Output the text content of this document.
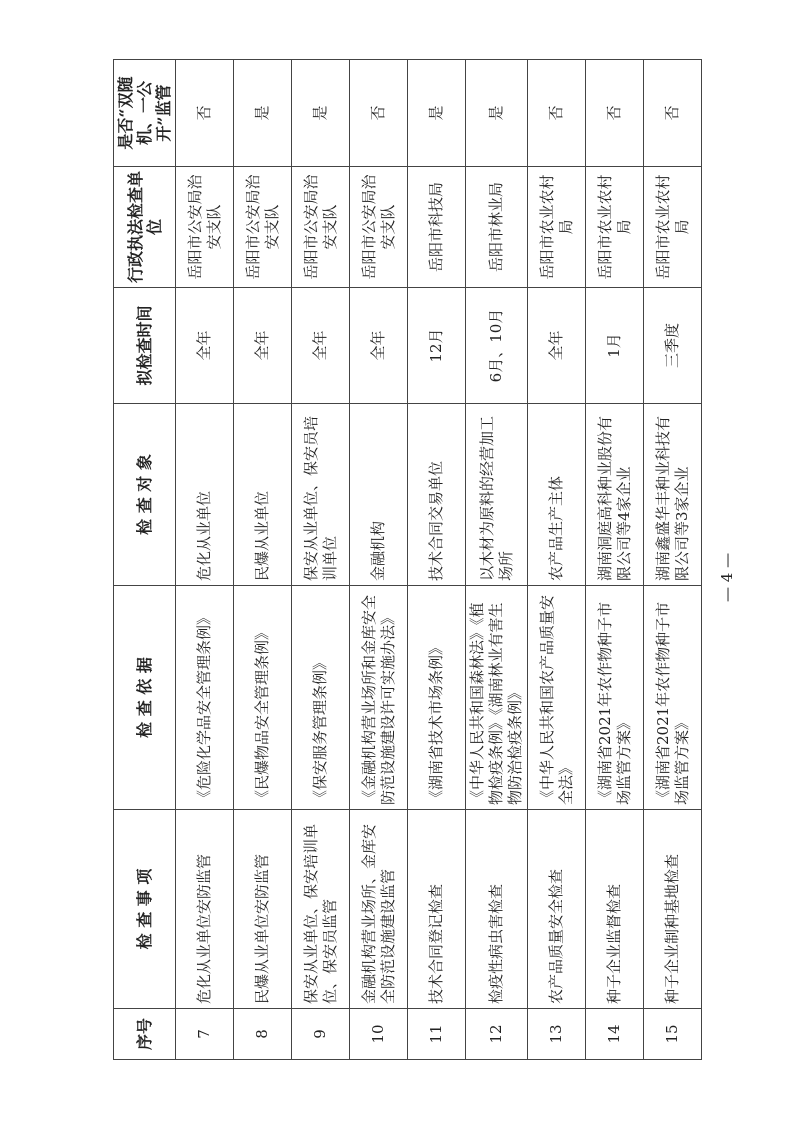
序号	检 查 事 项	检 查 依 据	检 查 对 象	拟检查时间	行政执法检查单位	是否“双随机、一公开”监管
7	危化从业单位安防监管	《危险化学品安全管理条例》	危化从业单位	全年	岳阳市公安局治安支队	否
8	民爆从业单位安防监管	《民爆物品安全管理条例》	民爆从业单位	全年	岳阳市公安局治安支队	是
9	保安从业单位、保安培训单位、保安员监管	《保安服务管理条例》	保安从业单位、保安员培训单位	全年	岳阳市公安局治安支队	是
10	金融机构营业场所、金库安全防范设施建设监管	《金融机构营业场所和金库安全防范设施建设许可实施办法》	金融机构	全年	岳阳市公安局治安支队	否
11	技术合同登记检查	《湖南省技术市场条例》	技术合同交易单位	12月	岳阳市科技局	是
12	检疫性病虫害检查	《中华人民共和国森林法》《植物检疫条例》《湖南林业有害生物防治检疫条例》	以木材为原料的经营加工场所	6月、10月	岳阳市林业局	是
13	农产品质量安全检查	《中华人民共和国农产品质量安全法》	农产品生产主体	全年	岳阳市农业农村局	否
14	种子企业监督检查	《湖南省2021年农作物种子市场监管方案》	湖南洞庭高科种业股份有限公司等4家企业	1月	岳阳市农业农村局	否
15	种子企业制种基地检查	《湖南省2021年农作物种子市场监管方案》	湖南鑫盛华丰种业科技有限公司等3家企业	三季度	岳阳市农业农村局	否
— 4 —
